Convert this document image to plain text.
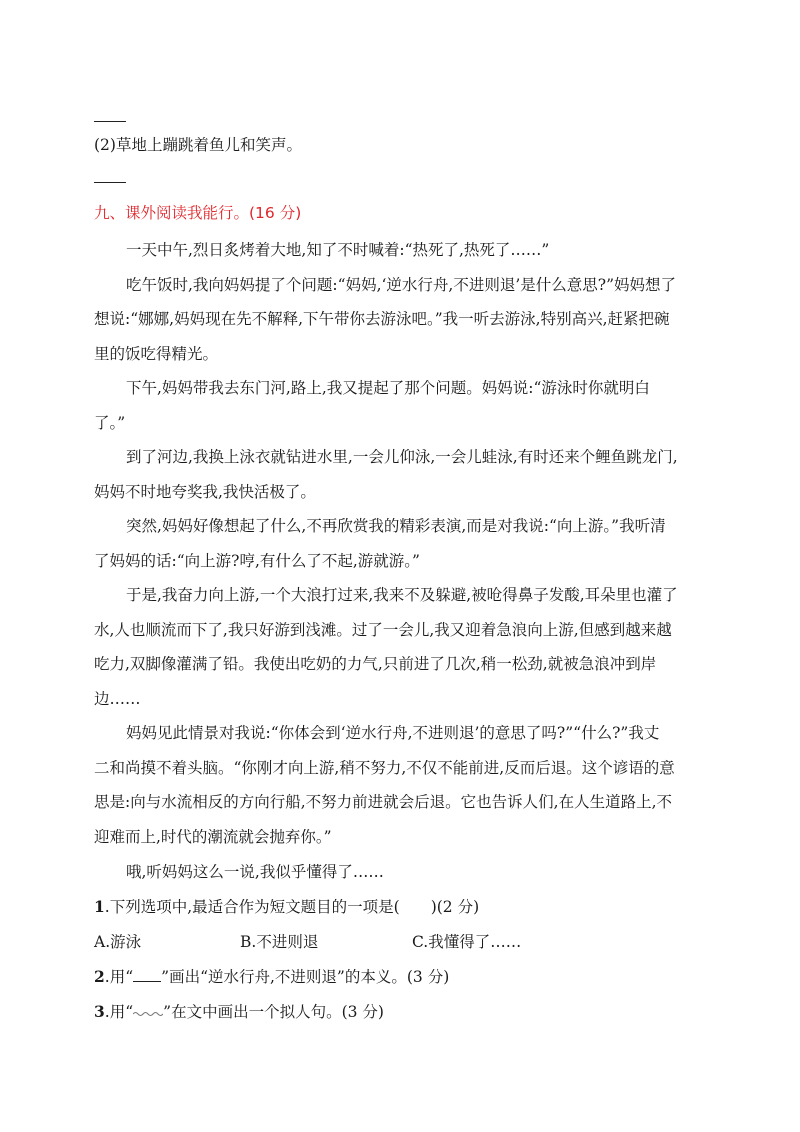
(2)草地上蹦跳着鱼儿和笑声。
九、课外阅读我能行。(16 分)
一天中午,烈日炙烤着大地,知了不时喊着:“热死了,热死了……”
吃午饭时,我向妈妈提了个问题:“妈妈,‘逆水行舟,不进则退’是什么意思?”妈妈想了
想说:“娜娜,妈妈现在先不解释,下午带你去游泳吧。”我一听去游泳,特别高兴,赶紧把碗
里的饭吃得精光。
下午,妈妈带我去东门河,路上,我又提起了那个问题。妈妈说:“游泳时你就明白
了。”
到了河边,我换上泳衣就钻进水里,一会儿仰泳,一会儿蛙泳,有时还来个鲤鱼跳龙门,
妈妈不时地夸奖我,我快活极了。
突然,妈妈好像想起了什么,不再欣赏我的精彩表演,而是对我说:“向上游。”我听清
了妈妈的话:“向上游?哼,有什么了不起,游就游。”
于是,我奋力向上游,一个大浪打过来,我来不及躲避,被呛得鼻子发酸,耳朵里也灌了
水,人也顺流而下了,我只好游到浅滩。过了一会儿,我又迎着急浪向上游,但感到越来越
吃力,双脚像灌满了铅。我使出吃奶的力气,只前进了几次,稍一松劲,就被急浪冲到岸
边……
妈妈见此情景对我说:“你体会到‘逆水行舟,不进则退’的意思了吗?”“什么?”我丈
二和尚摸不着头脑。“你刚才向上游,稍不努力,不仅不能前进,反而后退。这个谚语的意
思是:向与水流相反的方向行船,不努力前进就会后退。它也告诉人们,在人生道路上,不
迎难而上,时代的潮流就会抛弃你。”
哦,听妈妈这么一说,我似乎懂得了……
1.下列选项中,最适合作为短文题目的一项是(　　)(2 分)
A.游泳	B.不进则退	C.我懂得了……
2.用“ ”画出“逆水行舟,不进则退”的本义。(3 分)
3.用“ ”在文中画出一个拟人句。(3 分)
